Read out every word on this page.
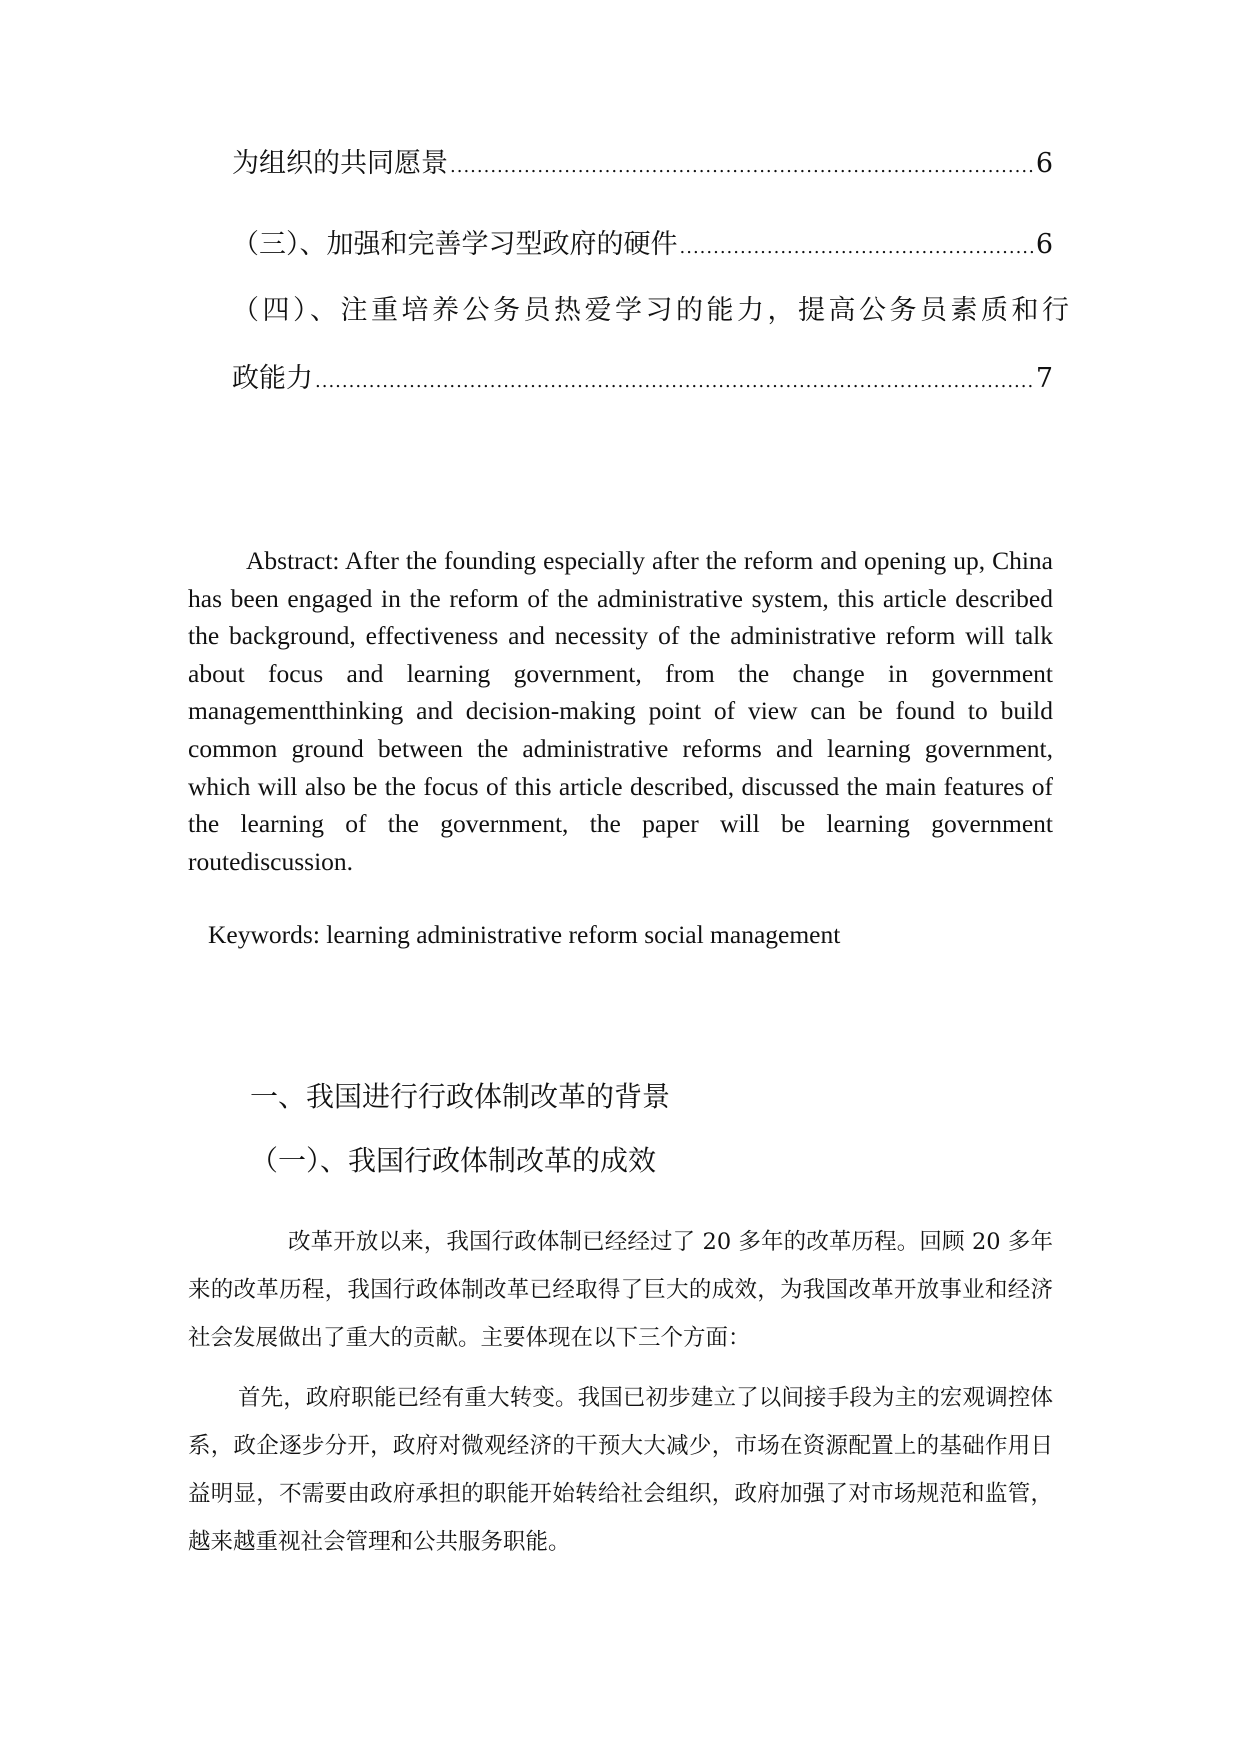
为组织的共同愿景 .....	6
（三）、加强和完善学习型政府的硬件 .....	6
（四）、注重培养公务员热爱学习的能力，提高公务员素质和行
政能力 .....	7
Abstract: After the founding especially after the reform and opening up, China has been engaged in the reform of the administrative system, this article described the background, effectiveness and necessity of the administrative reform will talk about focus and learning government, from the change in government managementthinking and decision-making point of view can be found to build common ground between the administrative reforms and learning government, which will also be the focus of this article described, discussed the main features of the learning of the government, the paper will be learning government routediscussion.
Keywords: learning administrative reform social management
一、我国进行行政体制改革的背景
（一）、我国行政体制改革的成效
改革开放以来，我国行政体制已经经过了 20 多年的改革历程。回顾 20 多年来的改革历程，我国行政体制改革已经取得了巨大的成效，为我国改革开放事业和经济社会发展做出了重大的贡献。主要体现在以下三个方面：
首先，政府职能已经有重大转变。我国已初步建立了以间接手段为主的宏观调控体系，政企逐步分开，政府对微观经济的干预大大减少，市场在资源配置上的基础作用日益明显，不需要由政府承担的职能开始转给社会组织，政府加强了对市场规范和监管，越来越重视社会管理和公共服务职能。
